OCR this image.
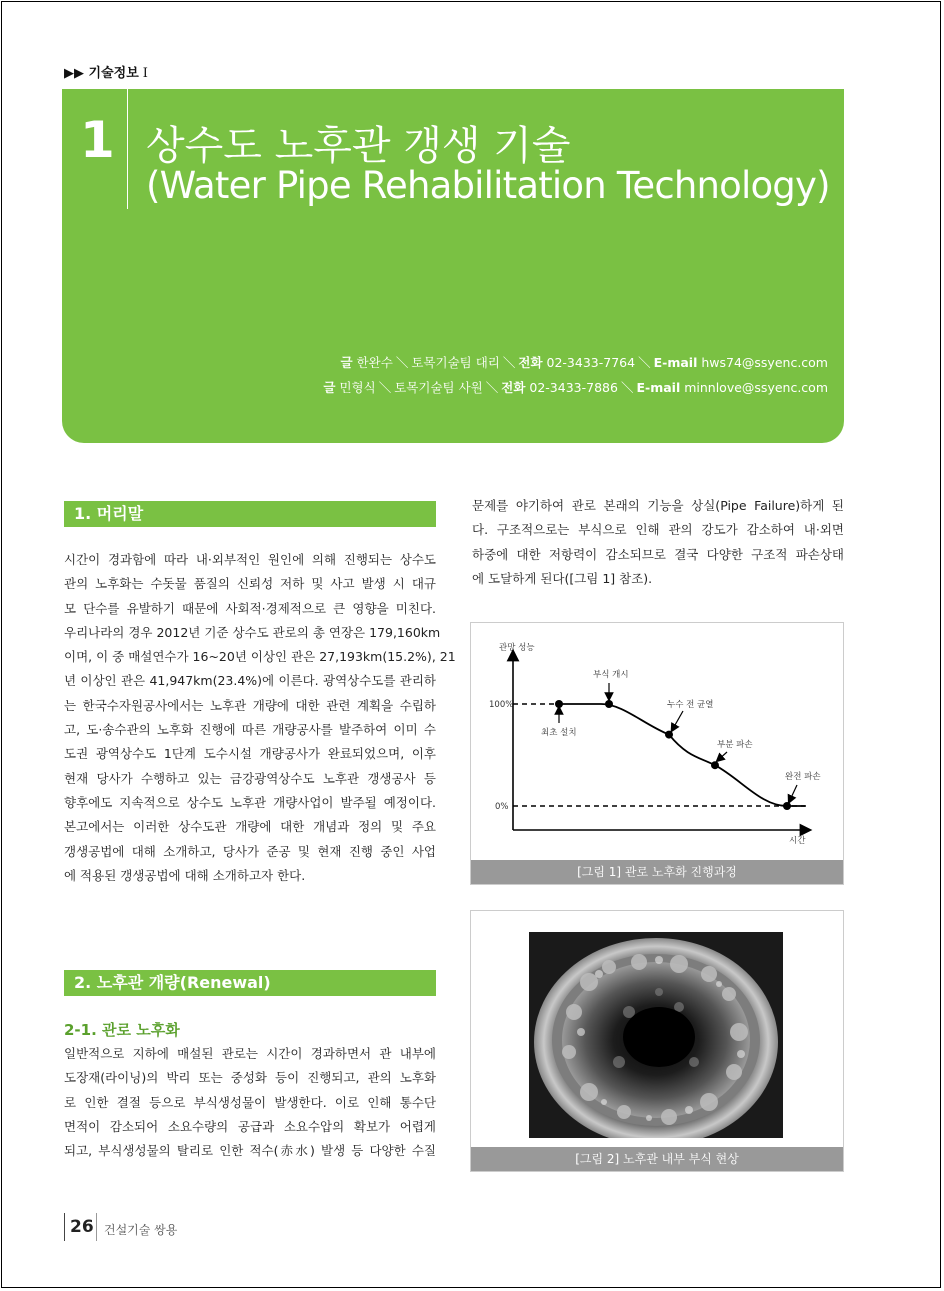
▶▶ 기술정보 Ⅰ
1 상수도 노후관 갱생 기술
(Water Pipe Rehabilitation Technology)
글 한완수 ＼ 토목기술팀 대리 ＼ 전화 02-3433-7764 ＼ E-mail hws74@ssyenc.com
글 민형식 ＼ 토목기술팀 사원 ＼ 전화 02-3433-7886 ＼ E-mail minnlove@ssyenc.com
1. 머리말
시간이 경과함에 따라 내·외부적인 원인에 의해 진행되는 상수도
관의 노후화는 수돗물 품질의 신뢰성 저하 및 사고 발생 시 대규
모 단수를 유발하기 때문에 사회적·경제적으로 큰 영향을 미친다.
우리나라의 경우 2012년 기준 상수도 관로의 총 연장은 179,160km
이며, 이 중 매설연수가 16~20년 이상인 관은 27,193km(15.2%), 21
년 이상인 관은 41,947km(23.4%)에 이른다. 광역상수도를 관리하
는 한국수자원공사에서는 노후관 개량에 대한 관련 계획을 수립하
고, 도·송수관의 노후화 진행에 따른 개량공사를 발주하여 이미 수
도권 광역상수도 1단계 도수시설 개량공사가 완료되었으며, 이후
현재 당사가 수행하고 있는 금강광역상수도 노후관 갱생공사 등
향후에도 지속적으로 상수도 노후관 개량사업이 발주될 예정이다.
본고에서는 이러한 상수도관 개량에 대한 개념과 정의 및 주요
갱생공법에 대해 소개하고, 당사가 준공 및 현재 진행 중인 사업
에 적용된 갱생공법에 대해 소개하고자 한다.
2. 노후관 개량(Renewal)
2-1. 관로 노후화
일반적으로 지하에 매설된 관로는 시간이 경과하면서 관 내부에
도장재(라이닝)의 박리 또는 중성화 등이 진행되고, 관의 노후화
로 인한 결절 등으로 부식생성물이 발생한다. 이로 인해 통수단
면적이 감소되어 소요수량의 공급과 소요수압의 확보가 어렵게
되고, 부식생성물의 탈리로 인한 적수(赤水) 발생 등 다양한 수질
문제를 야기하여 관로 본래의 기능을 상실(Pipe Failure)하게 된
다. 구조적으로는 부식으로 인해 관의 강도가 감소하여 내·외면
하중에 대한 저항력이 감소되므로 결국 다양한 구조적 파손상태
에 도달하게 된다([그림 1] 참조).
관망 성능
시간
100%
0%
최초 설치
부식 개시
누수 전 균열
부분 파손
완전 파손
[그림 1] 관로 노후화 진행과정
[그림 2] 노후관 내부 부식 현상
26 건설기술 쌍용
